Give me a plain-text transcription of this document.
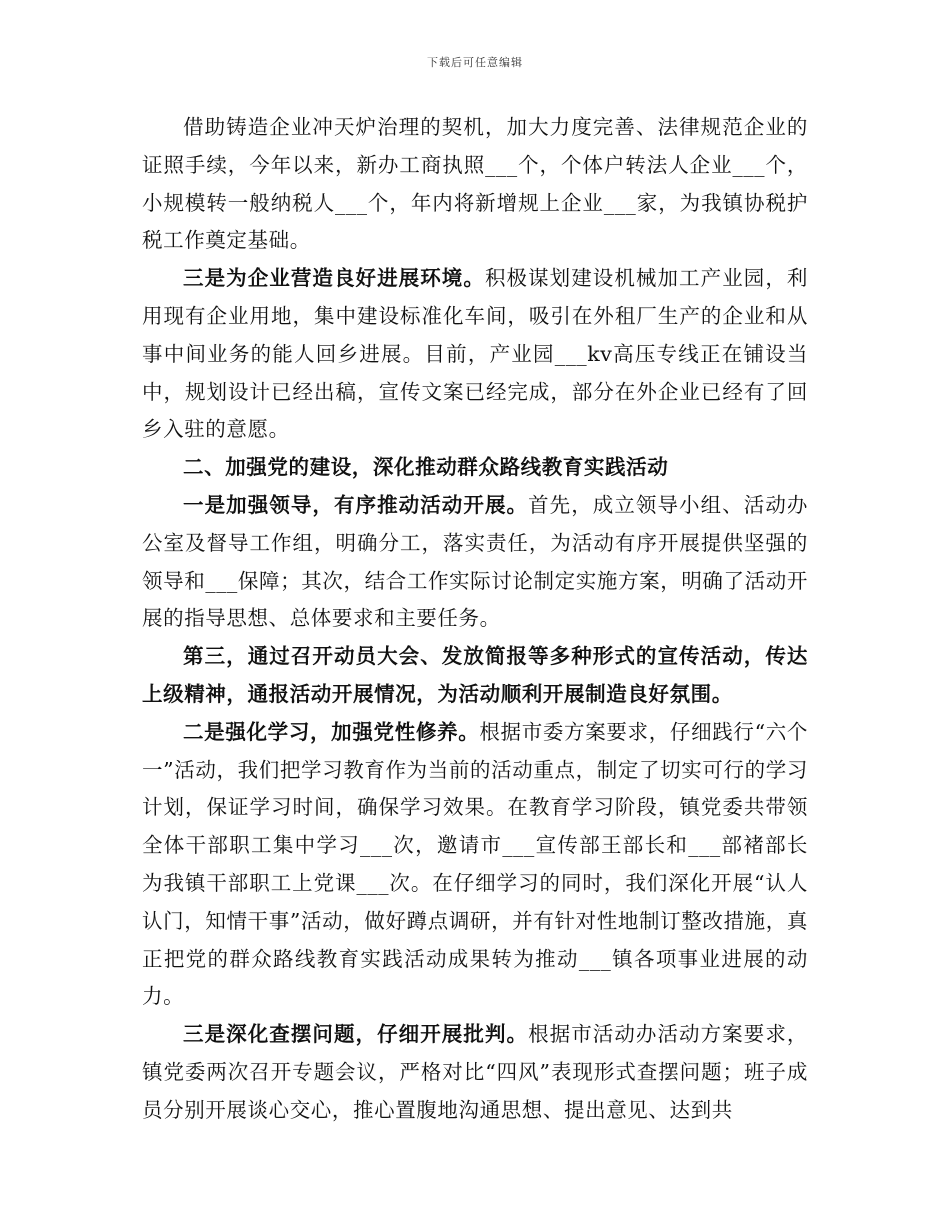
下载后可任意编辑

借助铸造企业冲天炉治理的契机，加大力度完善、法律规范企业的证照手续，今年以来，新办工商执照___个，个体户转法人企业___个，小规模转一般纳税人___个，年内将新增规上企业___家，为我镇协税护税工作奠定基础。

三是为企业营造良好进展环境。积极谋划建设机械加工产业园，利用现有企业用地，集中建设标准化车间，吸引在外租厂生产的企业和从事中间业务的能人回乡进展。目前，产业园___kv高压专线正在铺设当中，规划设计已经出稿，宣传文案已经完成，部分在外企业已经有了回乡入驻的意愿。

二、加强党的建设，深化推动群众路线教育实践活动

一是加强领导，有序推动活动开展。首先，成立领导小组、活动办公室及督导工作组，明确分工，落实责任，为活动有序开展提供坚强的领导和___保障；其次，结合工作实际讨论制定实施方案，明确了活动开展的指导思想、总体要求和主要任务。

第三，通过召开动员大会、发放简报等多种形式的宣传活动，传达上级精神，通报活动开展情况，为活动顺利开展制造良好氛围。

二是强化学习，加强党性修养。根据市委方案要求，仔细践行“六个一”活动，我们把学习教育作为当前的活动重点，制定了切实可行的学习计划，保证学习时间，确保学习效果。在教育学习阶段，镇党委共带领全体干部职工集中学习___次，邀请市___宣传部王部长和___部褚部长为我镇干部职工上党课___次。在仔细学习的同时，我们深化开展“认人认门，知情干事”活动，做好蹲点调研，并有针对性地制订整改措施，真正把党的群众路线教育实践活动成果转为推动___镇各项事业进展的动力。

三是深化查摆问题，仔细开展批判。根据市活动办活动方案要求，镇党委两次召开专题会议，严格对比“四风”表现形式查摆问题；班子成员分别开展谈心交心，推心置腹地沟通思想、提出意见、达到共
